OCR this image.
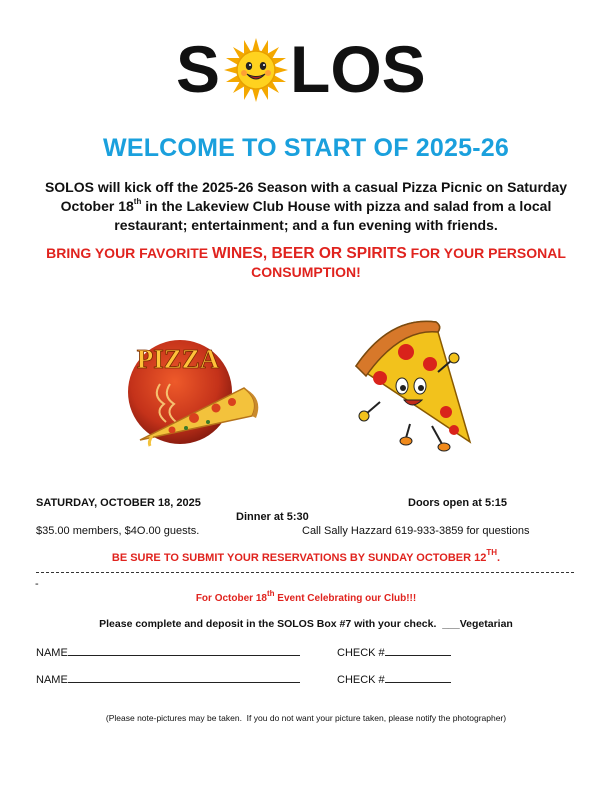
S LOS
WELCOME TO START OF 2025-26
SOLOS will kick off the 2025-26 Season with a casual Pizza Picnic on Saturday October 18th in the Lakeview Club House with pizza and salad from a local restaurant; entertainment; and a fun evening with friends.
BRING YOUR FAVORITE WINES, BEER OR SPIRITS FOR YOUR PERSONAL CONSUMPTION!
PIZZA
SATURDAY, OCTOBER 18, 2025	Doors open at 5:15
Dinner at 5:30
$35.00 members, $4O.00 guests.	Call Sally Hazzard 619-933-3859 for questions
BE SURE TO SUBMIT YOUR RESERVATIONS BY SUNDAY OCTOBER 12TH.
-
For October 18th Event Celebrating our Club!!!
Please complete and deposit in the SOLOS Box #7 with your check.  ___Vegetarian
NAME	CHECK #
NAME	CHECK #
(Please note-pictures may be taken.  If you do not want your picture taken, please notify the photographer)
